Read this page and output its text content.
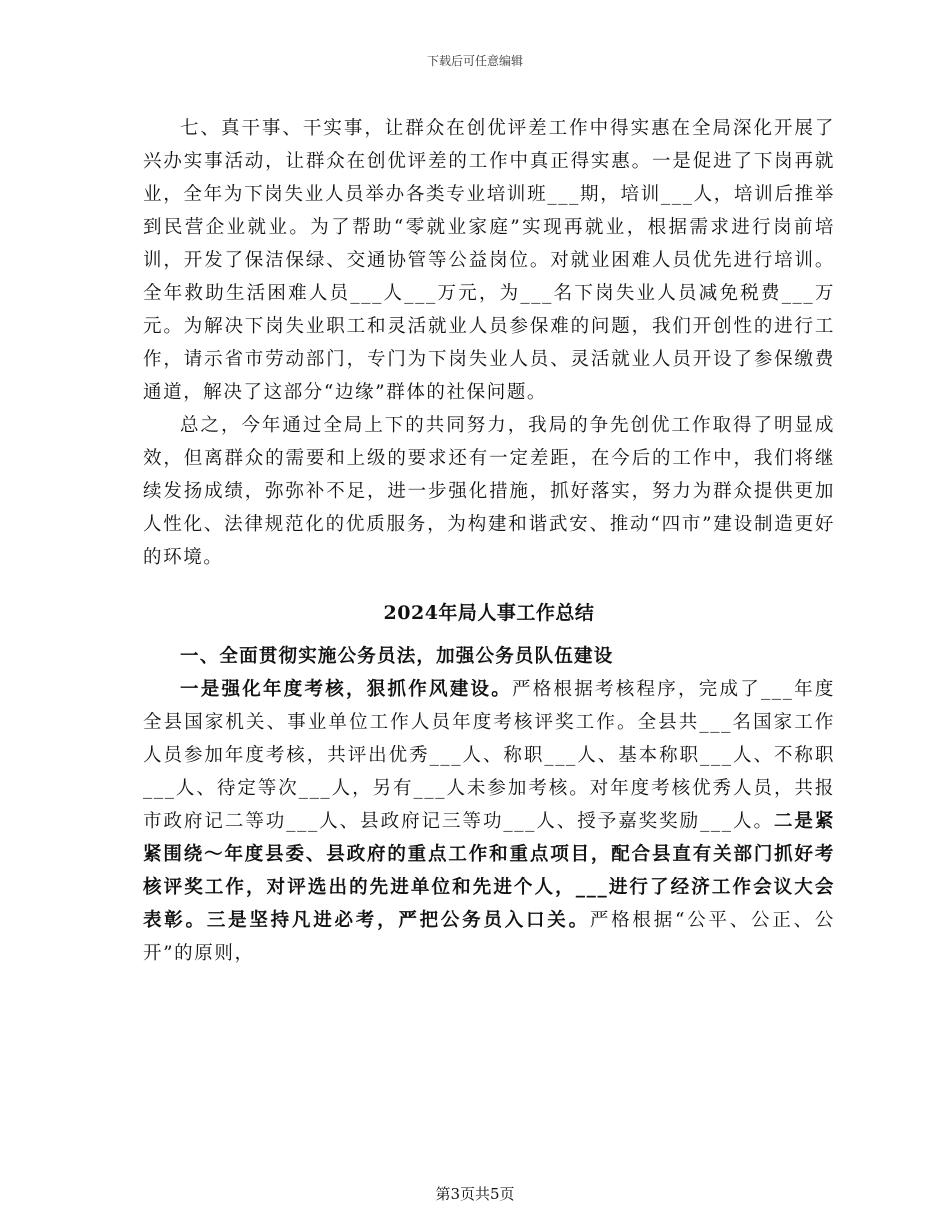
下载后可任意编辑

七、真干事、干实事，让群众在创优评差工作中得实惠在全局深化开展了兴办实事活动，让群众在创优评差的工作中真正得实惠。一是促进了下岗再就业，全年为下岗失业人员举办各类专业培训班___期，培训___人，培训后推举到民营企业就业。为了帮助“零就业家庭”实现再就业，根据需求进行岗前培训，开发了保洁保绿、交通协管等公益岗位。对就业困难人员优先进行培训。全年救助生活困难人员___人___万元，为___名下岗失业人员减免税费___万元。为解决下岗失业职工和灵活就业人员参保难的问题，我们开创性的进行工作，请示省市劳动部门，专门为下岗失业人员、灵活就业人员开设了参保缴费通道，解决了这部分“边缘”群体的社保问题。

总之，今年通过全局上下的共同努力，我局的争先创优工作取得了明显成效，但离群众的需要和上级的要求还有一定差距，在今后的工作中，我们将继续发扬成绩，弥弥补不足，进一步强化措施，抓好落实，努力为群众提供更加人性化、法律规范化的优质服务，为构建和谐武安、推动“四市”建设制造更好的环境。

2024年局人事工作总结

一、全面贯彻实施公务员法，加强公务员队伍建设

一是强化年度考核，狠抓作风建设。严格根据考核程序，完成了___年度全县国家机关、事业单位工作人员年度考核评奖工作。全县共___名国家工作人员参加年度考核，共评出优秀___人、称职___人、基本称职___人、不称职___人、待定等次___人，另有___人未参加考核。对年度考核优秀人员，共报市政府记二等功___人、县政府记三等功___人、授予嘉奖奖励___人。二是紧紧围绕～年度县委、县政府的重点工作和重点项目，配合县直有关部门抓好考核评奖工作，对评选出的先进单位和先进个人，___进行了经济工作会议大会表彰。三是坚持凡进必考，严把公务员入口关。严格根据“公平、公正、公开”的原则，

第3页共5页
